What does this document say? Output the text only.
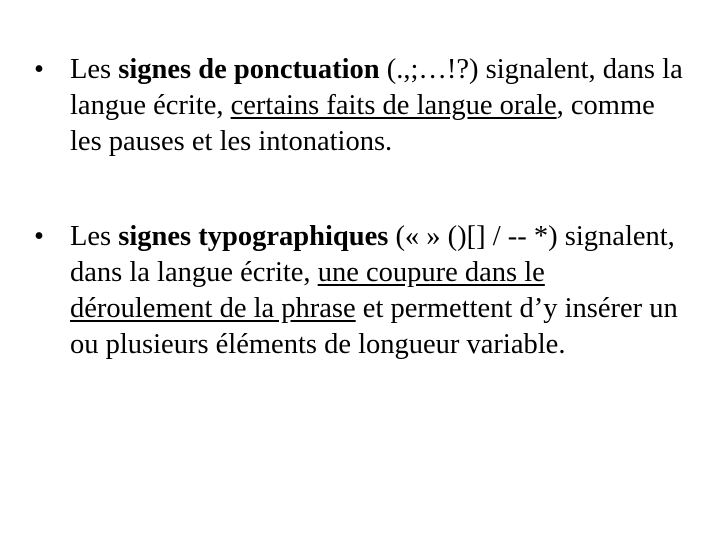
• Les signes de ponctuation (.,;…!?) signalent, dans la langue écrite, certains faits de langue orale, comme les pauses et les intonations.
• Les signes typographiques (« » ()[] / -- *) signalent, dans la langue écrite, une coupure dans le déroulement de la phrase et permettent d’y insérer un ou plusieurs éléments de longueur variable.
